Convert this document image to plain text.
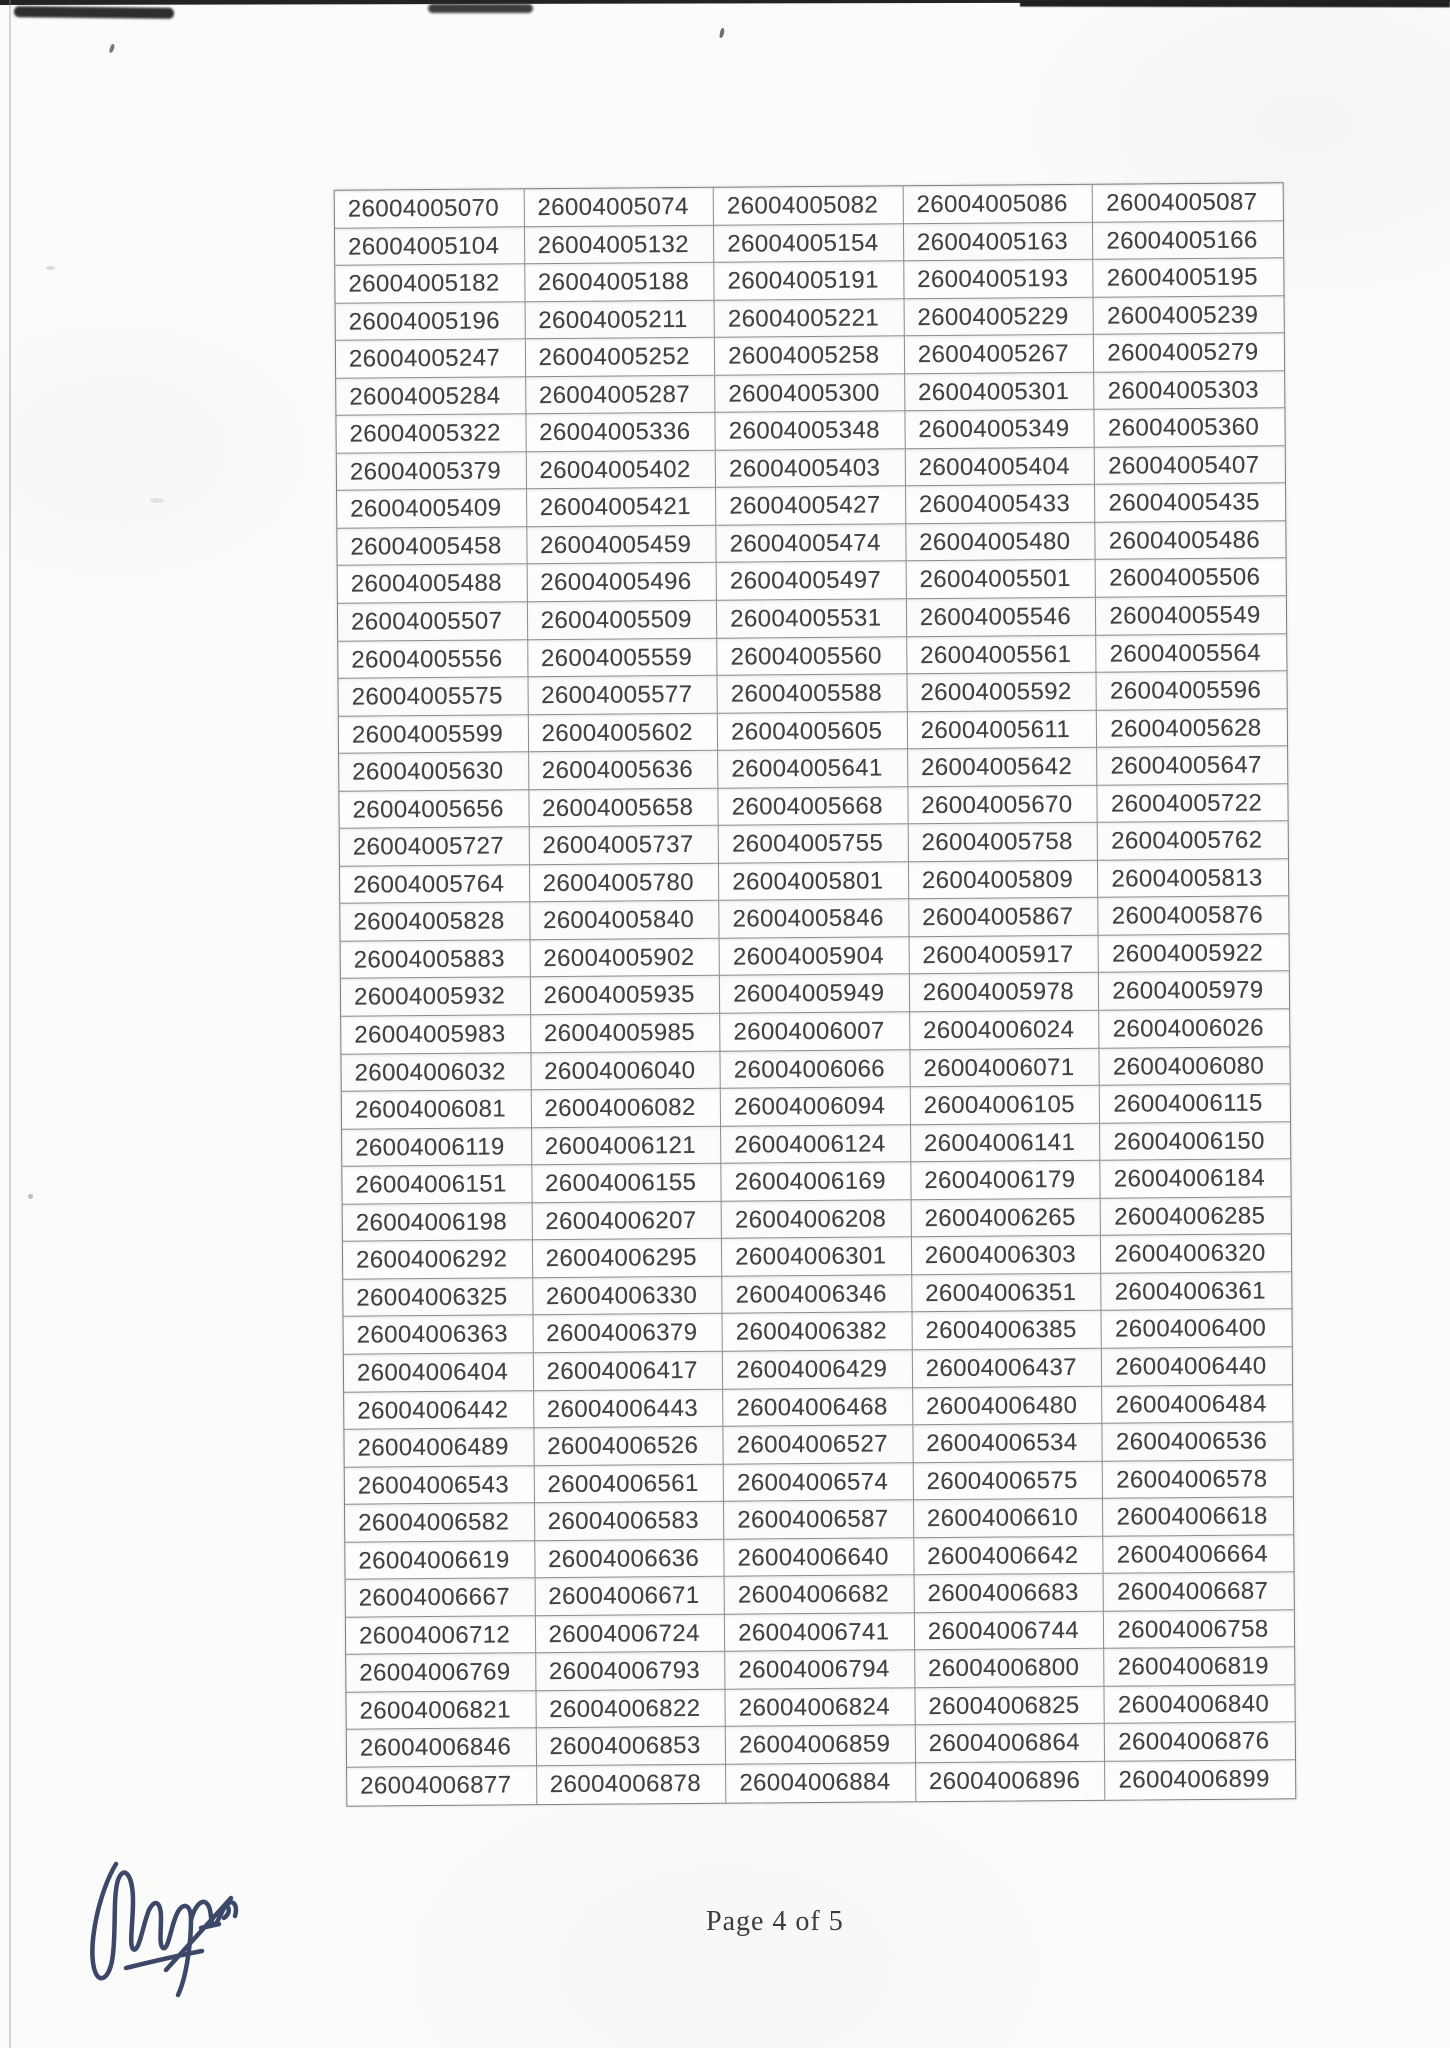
26004005070	26004005074	26004005082	26004005086	26004005087
26004005104	26004005132	26004005154	26004005163	26004005166
26004005182	26004005188	26004005191	26004005193	26004005195
26004005196	26004005211	26004005221	26004005229	26004005239
26004005247	26004005252	26004005258	26004005267	26004005279
26004005284	26004005287	26004005300	26004005301	26004005303
26004005322	26004005336	26004005348	26004005349	26004005360
26004005379	26004005402	26004005403	26004005404	26004005407
26004005409	26004005421	26004005427	26004005433	26004005435
26004005458	26004005459	26004005474	26004005480	26004005486
26004005488	26004005496	26004005497	26004005501	26004005506
26004005507	26004005509	26004005531	26004005546	26004005549
26004005556	26004005559	26004005560	26004005561	26004005564
26004005575	26004005577	26004005588	26004005592	26004005596
26004005599	26004005602	26004005605	26004005611	26004005628
26004005630	26004005636	26004005641	26004005642	26004005647
26004005656	26004005658	26004005668	26004005670	26004005722
26004005727	26004005737	26004005755	26004005758	26004005762
26004005764	26004005780	26004005801	26004005809	26004005813
26004005828	26004005840	26004005846	26004005867	26004005876
26004005883	26004005902	26004005904	26004005917	26004005922
26004005932	26004005935	26004005949	26004005978	26004005979
26004005983	26004005985	26004006007	26004006024	26004006026
26004006032	26004006040	26004006066	26004006071	26004006080
26004006081	26004006082	26004006094	26004006105	26004006115
26004006119	26004006121	26004006124	26004006141	26004006150
26004006151	26004006155	26004006169	26004006179	26004006184
26004006198	26004006207	26004006208	26004006265	26004006285
26004006292	26004006295	26004006301	26004006303	26004006320
26004006325	26004006330	26004006346	26004006351	26004006361
26004006363	26004006379	26004006382	26004006385	26004006400
26004006404	26004006417	26004006429	26004006437	26004006440
26004006442	26004006443	26004006468	26004006480	26004006484
26004006489	26004006526	26004006527	26004006534	26004006536
26004006543	26004006561	26004006574	26004006575	26004006578
26004006582	26004006583	26004006587	26004006610	26004006618
26004006619	26004006636	26004006640	26004006642	26004006664
26004006667	26004006671	26004006682	26004006683	26004006687
26004006712	26004006724	26004006741	26004006744	26004006758
26004006769	26004006793	26004006794	26004006800	26004006819
26004006821	26004006822	26004006824	26004006825	26004006840
26004006846	26004006853	26004006859	26004006864	26004006876
26004006877	26004006878	26004006884	26004006896	26004006899
Page 4 of 5
